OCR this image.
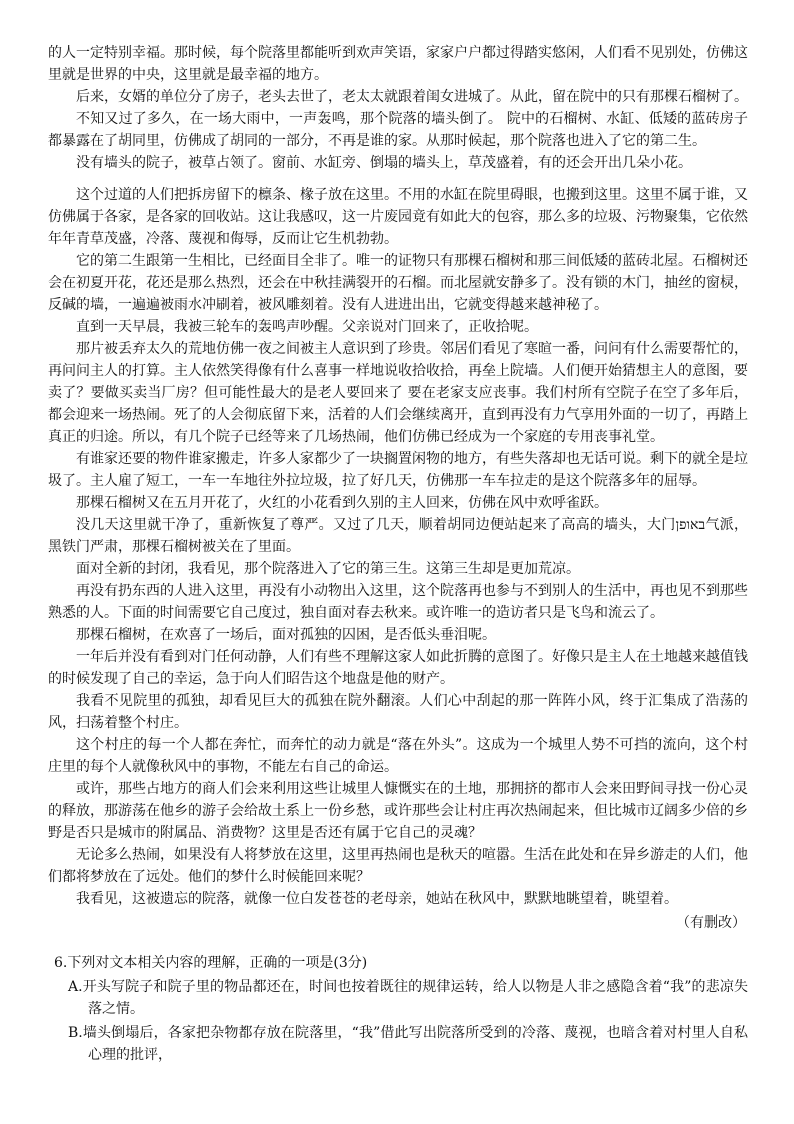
的人一定特别幸福。那时候，每个院落里都能听到欢声笑语，家家户户都过得踏实悠闲，人们看不见别处，仿佛这里就是世界的中央，这里就是最幸福的地方。

后来，女婿的单位分了房子，老头去世了，老太太就跟着闺女进城了。从此，留在院中的只有那棵石榴树了。

不知又过了多久，在一场大雨中，一声轰鸣，那个院落的墙头倒了。 院中的石榴树、水缸、低矮的蓝砖房子都暴露在了胡同里，仿佛成了胡同的一部分，不再是谁的家。从那时候起，那个院落也进入了它的第二生。

没有墙头的院子，被草占领了。窗前、水缸旁、倒塌的墙头上，草茂盛着，有的还会开出几朵小花。

这个过道的人们把拆房留下的檩条、椽子放在这里。不用的水缸在院里碍眼，也搬到这里。这里不属于谁，又仿佛属于各家，是各家的回收站。这让我感叹，这一片废园竟有如此大的包容，那么多的垃圾、污物聚集，它依然年年青草茂盛，冷落、蔑视和侮辱，反而让它生机勃勃。

它的第二生跟第一生相比，已经面目全非了。唯一的证物只有那棵石榴树和那三间低矮的蓝砖北屋。石榴树还会在初夏开花，花还是那么热烈，还会在中秋挂满裂开的石榴。而北屋就安静多了。没有锁的木门，抽丝的窗棂，反碱的墙，一遍遍被雨水冲刷着，被风雕刻着。没有人进进出出，它就变得越来越神秘了。

直到一天早晨，我被三轮车的轰鸣声吵醒。父亲说对门回来了，正收拾呢。

那片被丢弃太久的荒地仿佛一夜之间被主人意识到了珍贵。邻居们看见了寒暄一番，问问有什么需要帮忙的，再问问主人的打算。主人依然笑得像有什么喜事一样地说收拾收拾，再垒上院墙。人们便开始猜想主人的意图，要卖了？要做买卖当厂房？但可能性最大的是老人要回来了 要在老家支应丧事。我们村所有空院子在空了多年后，都会迎来一场热闹。死了的人会彻底留下来，活着的人们会继续离开，直到再没有力气享用外面的一切了，再踏上真正的归途。所以，有几个院子已经等来了几场热闹，他们仿佛已经成为一个家庭的专用丧事礼堂。

有谁家还要的物件谁家搬走，许多人家都少了一块搁置闲物的地方，有些失落却也无话可说。剩下的就全是垃圾了。主人雇了短工，一车一车地往外拉垃圾，拉了好几天，仿佛那一车车拉走的是这个院落多年的屈辱。

那棵石榴树又在五月开花了，火红的小花看到久别的主人回来，仿佛在风中欢呼雀跃。

没几天这里就干净了，重新恢复了尊严。又过了几天，顺着胡同边便站起来了高高的墙头，大门באופן气派，黑铁门严肃，那棵石榴树被关在了里面。

面对全新的封闭，我看见，那个院落进入了它的第三生。这第三生却是更加荒凉。

再没有扔东西的人进入这里，再没有小动物出入这里，这个院落再也参与不到别人的生活中，再也见不到那些熟悉的人。下面的时间需要它自己度过，独自面对春去秋来。或许唯一的造访者只是飞鸟和流云了。

那棵石榴树，在欢喜了一场后，面对孤独的囚困，是否低头垂泪呢。

一年后并没有看到对门任何动静，人们有些不理解这家人如此折腾的意图了。好像只是主人在土地越来越值钱的时候发现了自己的幸运，急于向人们昭告这个地盘是他的财产。

我看不见院里的孤独，却看见巨大的孤独在院外翻滚。人们心中刮起的那一阵阵小风，终于汇集成了浩荡的风，扫荡着整个村庄。

这个村庄的每一个人都在奔忙，而奔忙的动力就是“落在外头”。这成为一个城里人势不可挡的流向，这个村庄里的每个人就像秋风中的事物，不能左右自己的命运。

或许，那些占地方的商人们会来利用这些让城里人慷慨实在的土地，那拥挤的都市人会来田野间寻找一份心灵的释放，那游荡在他乡的游子会给故土系上一份乡愁，或许那些会让村庄再次热闹起来，但比城市辽阔多少倍的乡野是否只是城市的附属品、消费物？这里是否还有属于它自己的灵魂？

无论多么热闹，如果没有人将梦放在这里，这里再热闹也是秋天的喧嚣。生活在此处和在异乡游走的人们，他们都将梦放在了远处。他们的梦什么时候能回来呢？

我看见，这被遗忘的院落，就像一位白发苍苍的老母亲，她站在秋风中，默默地眺望着，眺望着。

（有删改）

6.下列对文本相关内容的理解，正确的一项是(3分)

A.开头写院子和院子里的物品都还在，时间也按着既往的规律运转，给人以物是人非之感隐含着“我”的悲凉失落之情。

B.墙头倒塌后，各家把杂物都存放在院落里，“我”借此写出院落所受到的冷落、蔑视，也暗含着对村里人自私心理的批评，
